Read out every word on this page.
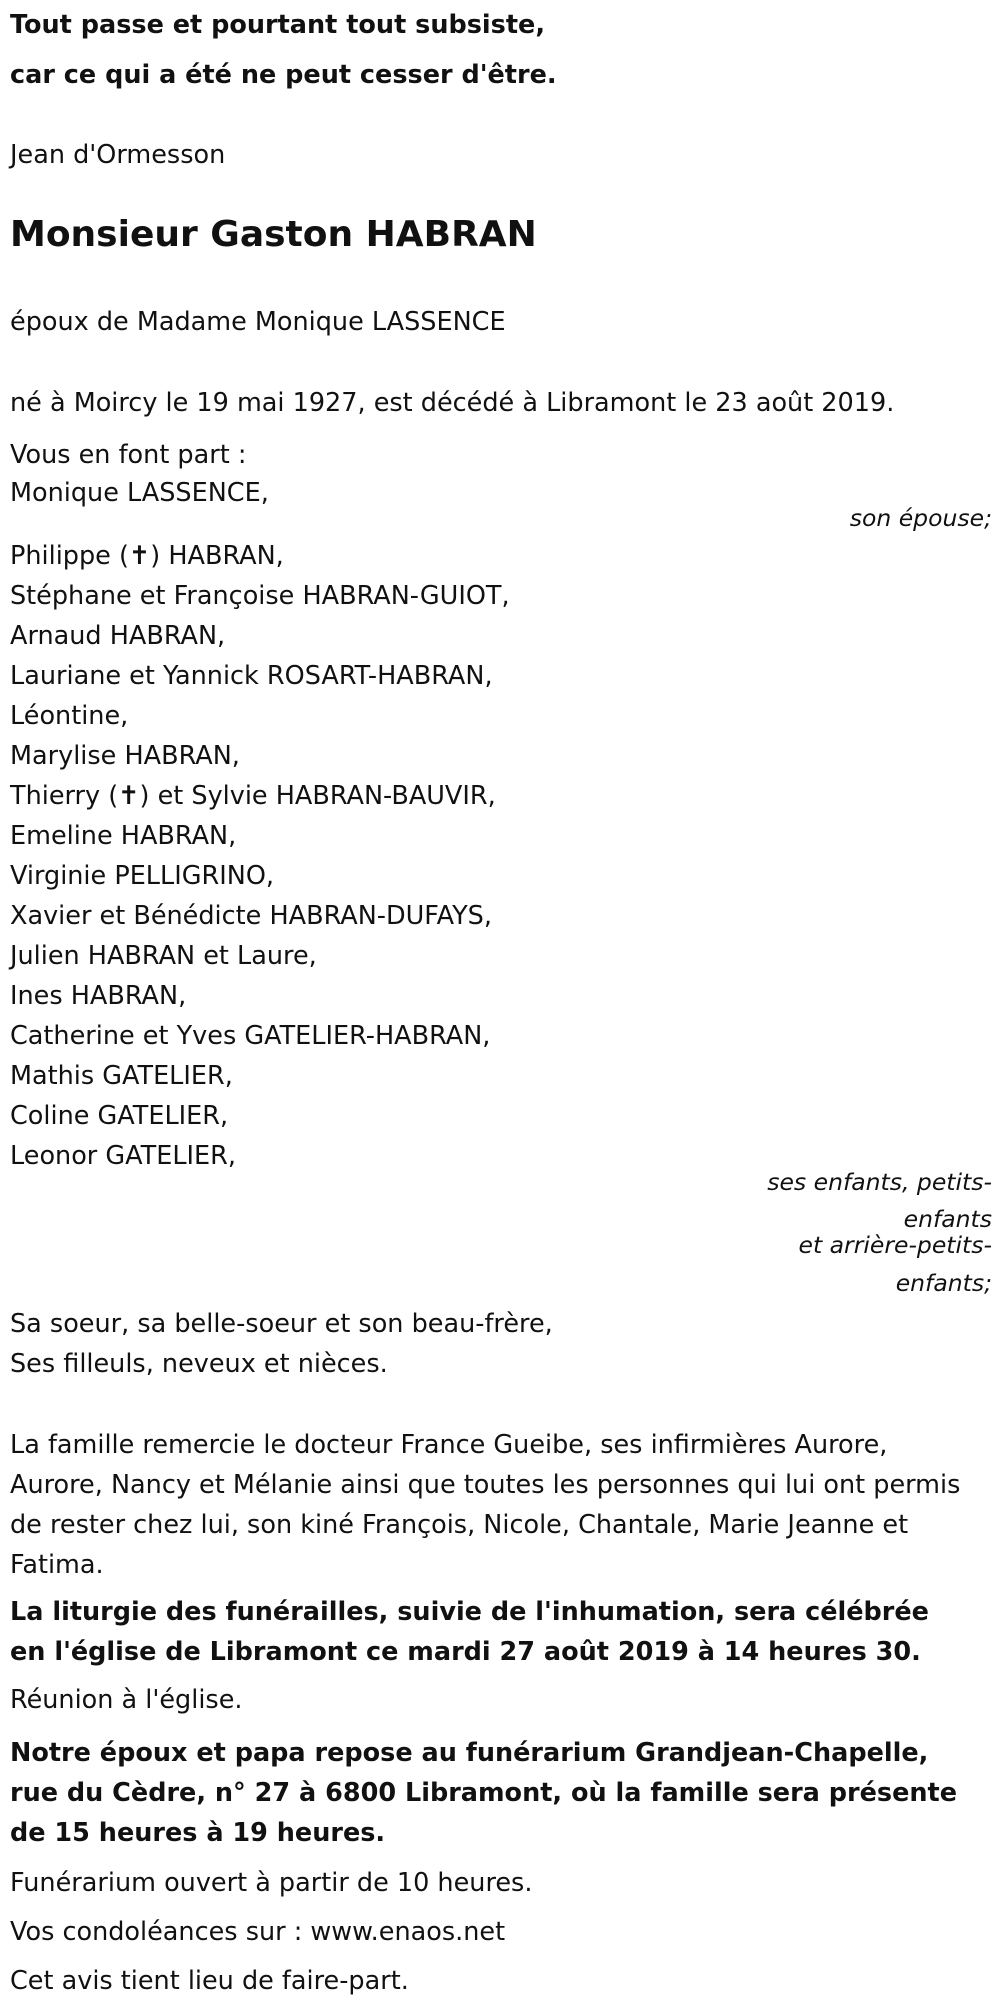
Tout passe et pourtant tout subsiste,

car ce qui a été ne peut cesser d'être.

Jean d'Ormesson

Monsieur Gaston HABRAN

époux de Madame Monique LASSENCE

né à Moircy le 19 mai 1927, est décédé à Libramont le 23 août 2019.

Vous en font part :

Monique LASSENCE,

son épouse;

Philippe (✝) HABRAN,

Stéphane et Françoise HABRAN-GUIOT,

Arnaud HABRAN,

Lauriane et Yannick ROSART-HABRAN,

Léontine,

Marylise HABRAN,

Thierry (✝) et Sylvie HABRAN-BAUVIR,

Emeline HABRAN,

Virginie PELLIGRINO,

Xavier et Bénédicte HABRAN-DUFAYS,

Julien HABRAN et Laure,

Ines HABRAN,

Catherine et Yves GATELIER-HABRAN,

Mathis GATELIER,

Coline GATELIER,

Leonor GATELIER,

ses enfants, petits-

enfants

et arrière-petits-

enfants;

Sa soeur, sa belle-soeur et son beau-frère,

Ses filleuls, neveux et nièces.

La famille remercie le docteur France Gueibe, ses infirmières Aurore, Aurore, Nancy et Mélanie ainsi que toutes les personnes qui lui ont permis de rester chez lui, son kiné François, Nicole, Chantale, Marie Jeanne et Fatima.

La liturgie des funérailles, suivie de l'inhumation, sera célébrée en l'église de Libramont ce mardi 27 août 2019 à 14 heures 30.

Réunion à l'église.

Notre époux et papa repose au funérarium Grandjean-Chapelle, rue du Cèdre, n° 27 à 6800 Libramont, où la famille sera présente de 15 heures à 19 heures.

Funérarium ouvert à partir de 10 heures.

Vos condoléances sur : www.enaos.net

Cet avis tient lieu de faire-part.
